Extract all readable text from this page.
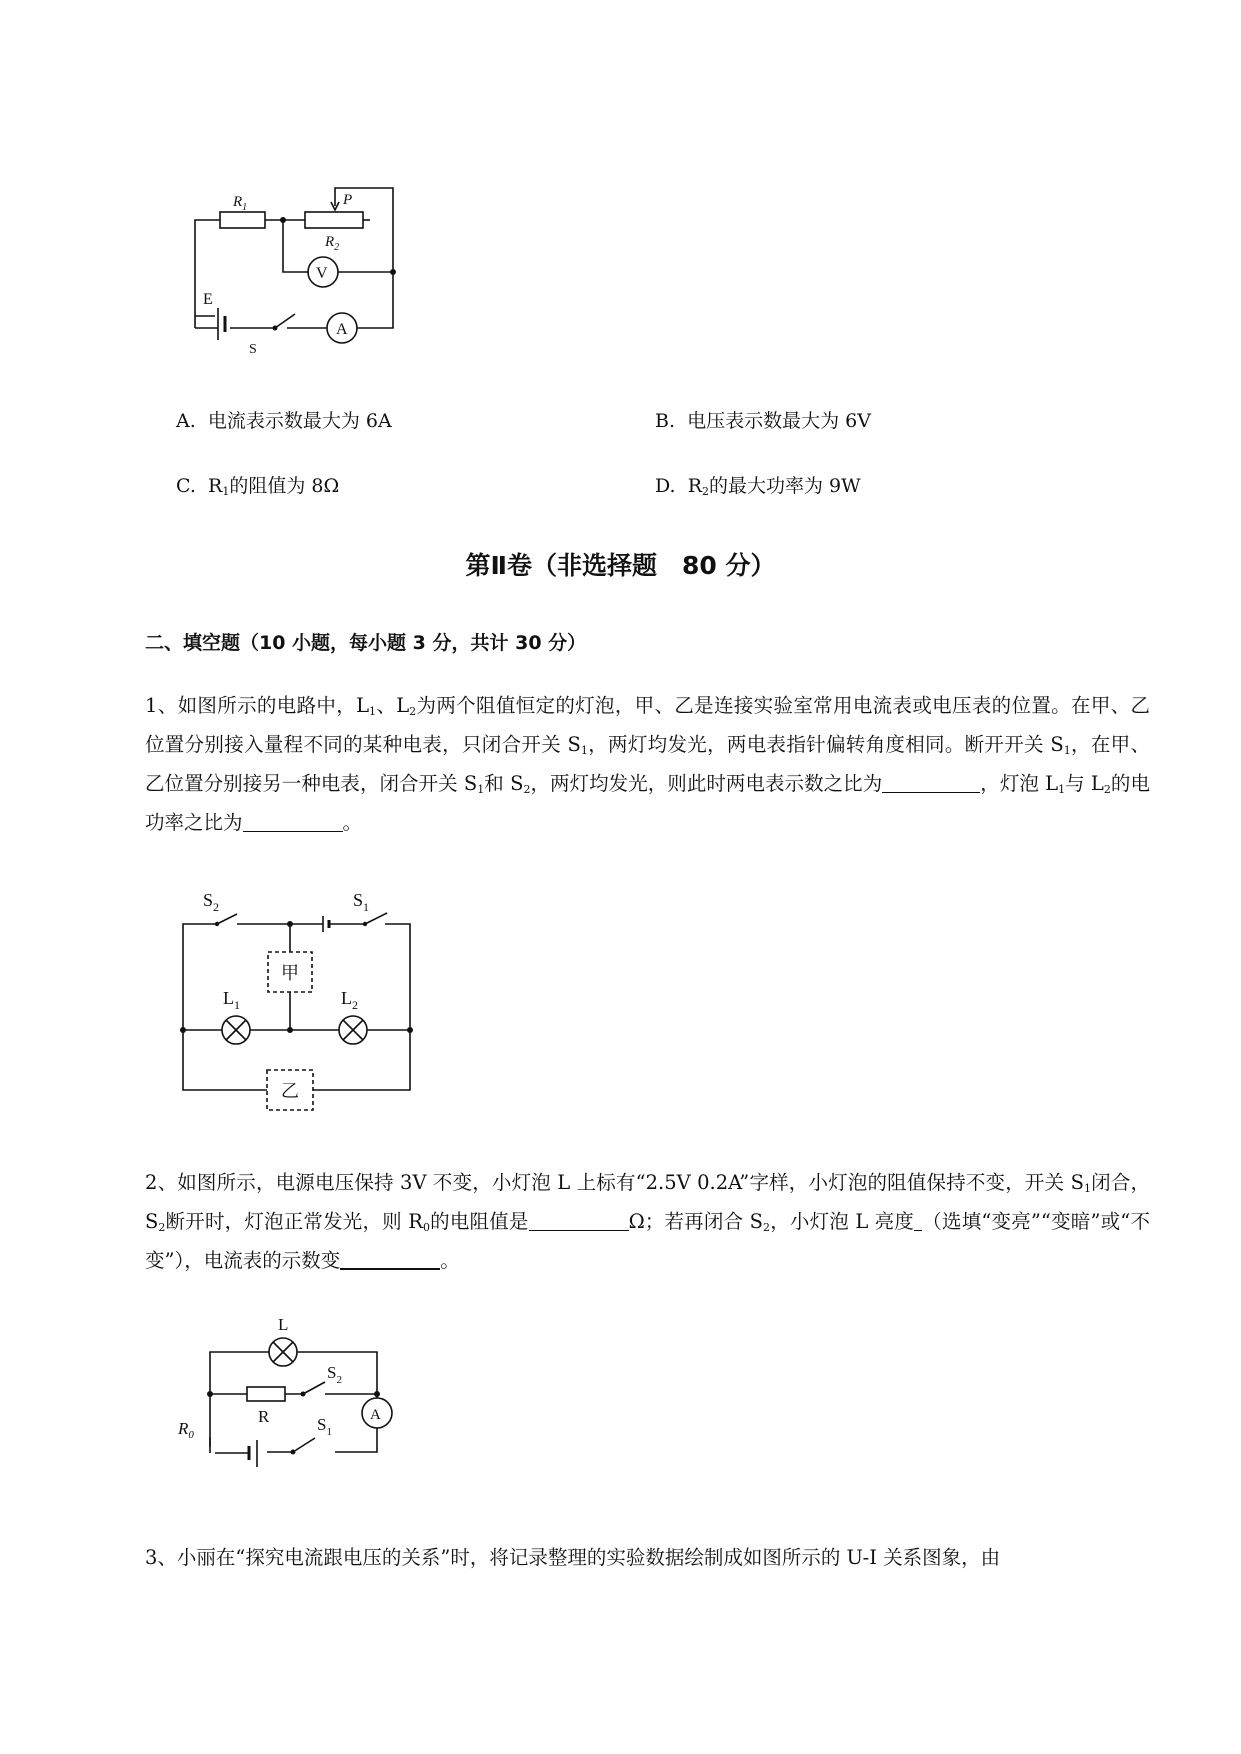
$R_1$	P
$R_2$
V
E
A
S
A. 电流表示数最大为 6A	B. 电压表示数最大为 6V
C. $R_1$的阻值为 8Ω	D. $R_2$的最大功率为 9W
第Ⅱ卷（非选择题　80 分）
二、填空题（10 小题，每小题 3 分，共计 30 分）
1、如图所示的电路中，$L_1$、$L_2$为两个阻值恒定的灯泡，甲、乙是连接实验室常用电流表或电压表的位置。在甲、乙位置分别接入量程不同的某种电表，只闭合开关 $S_1$，两灯均发光，两电表指针偏转角度相同。断开开关 $S_1$，在甲、乙位置分别接另一种电表，闭合开关 $S_1$和 $S_2$，两灯均发光，则此时两电表示数之比为	，灯泡 $L_1$与 $L_2$的电功率之比为	。
$S_2$	$S_1$
甲
$L_1$	$L_2$
乙
2、如图所示，电源电压保持 3V 不变，小灯泡 L 上标有“2.5V 0.2A”字样，小灯泡的阻值保持不变，开关 $S_1$闭合，$S_2$断开时，灯泡正常发光，则 $R_0$的电阻值是	Ω；若再闭合 $S_2$，小灯泡 L 亮度 （选填“变亮”“变暗”或“不变”），电流表的示数变	。
L
$S_2$
R
$R_0$
A
$S_1$
3、小丽在“探究电流跟电压的关系”时，将记录整理的实验数据绘制成如图所示的 U-I 关系图象，由
